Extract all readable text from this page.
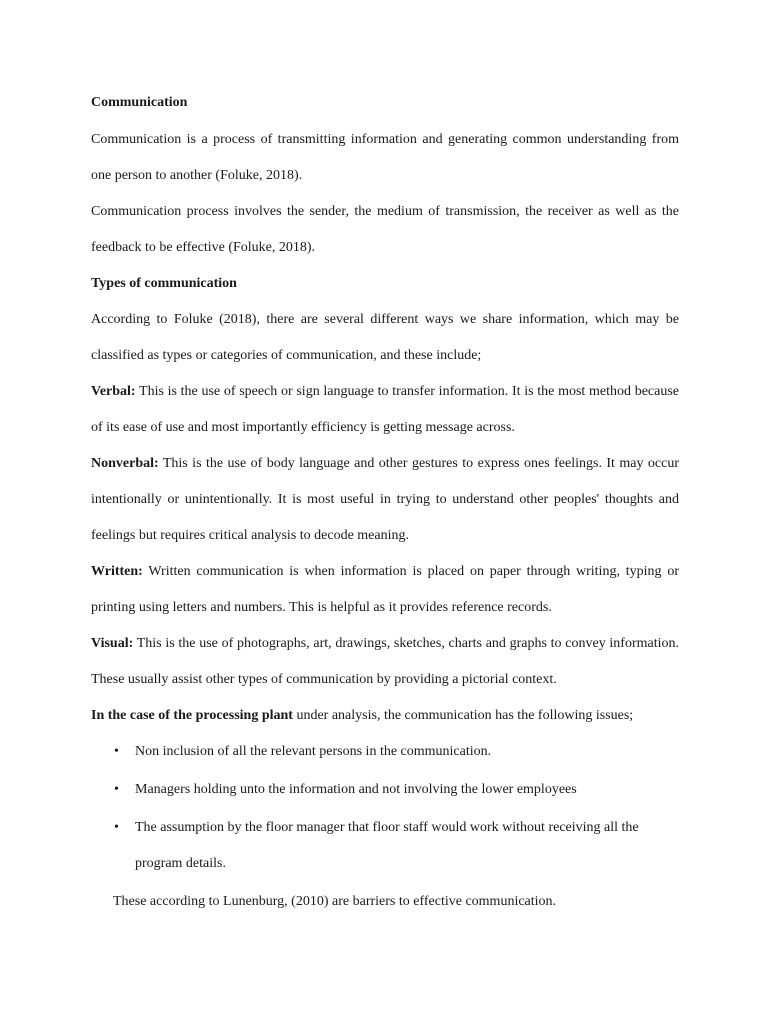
Communication

Communication is a process of transmitting information and generating common understanding from one person to another (Foluke, 2018).

Communication process involves the sender, the medium of transmission, the receiver as well as the feedback to be effective (Foluke, 2018).

Types of communication

According to Foluke (2018), there are several different ways we share information, which may be classified as types or categories of communication, and these include;

Verbal: This is the use of speech or sign language to transfer information. It is the most method because of its ease of use and most importantly efficiency is getting message across.

Nonverbal: This is the use of body language and other gestures to express ones feelings. It may occur intentionally or unintentionally. It is most useful in trying to understand other peoples' thoughts and feelings but requires critical analysis to decode meaning.

Written: Written communication is when information is placed on paper through writing, typing or printing using letters and numbers. This is helpful as it provides reference records.

Visual: This is the use of photographs, art, drawings, sketches, charts and graphs to convey information. These usually assist other types of communication by providing a pictorial context.

In the case of the processing plant under analysis, the communication has the following issues;

• Non inclusion of all the relevant persons in the communication.
• Managers holding unto the information and not involving the lower employees
• The assumption by the floor manager that floor staff would work without receiving all the program details.

These according to Lunenburg, (2010) are barriers to effective communication.
